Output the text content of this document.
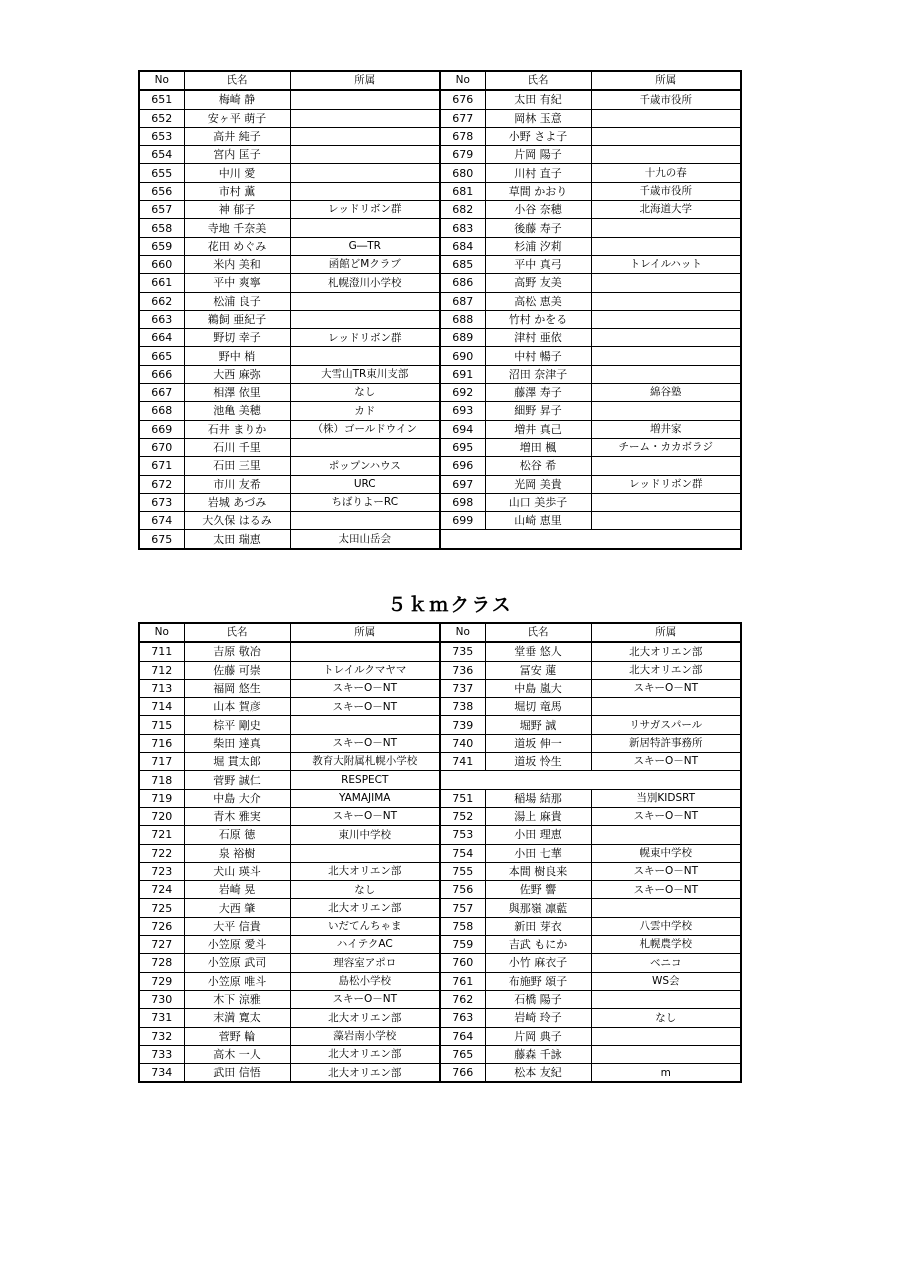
No	氏名	所属	No	氏名	所属
651	梅崎 静		676	太田 有紀	千歳市役所
652	安ヶ平 萌子		677	岡林 玉意	
653	高井 純子		678	小野 さよ子	
654	宮内 匡子		679	片岡 陽子	
655	中川 愛		680	川村 直子	十九の春
656	市村 薫		681	草間 かおり	千歳市役所
657	神 郁子	レッドリボン群	682	小谷 奈穂	北海道大学
658	寺地 千奈美		683	後藤 寿子	
659	花田 めぐみ	G―TR	684	杉浦 汐莉	
660	米内 美和	函館どMクラブ	685	平中 真弓	トレイルハット
661	平中 爽寧	札幌澄川小学校	686	高野 友美	
662	松浦 良子		687	高松 恵美	
663	鵜飼 亜紀子		688	竹村 かをる	
664	野切 幸子	レッドリボン群	689	津村 亜依	
665	野中 梢		690	中村 暢子	
666	大西 麻弥	大雪山TR東川支部	691	沼田 奈津子	
667	相澤 依里	なし	692	藤澤 寿子	綿谷塾
668	池亀 美穂	カド	693	細野 昇子	
669	石井 まりか	（株）ゴールドウイン	694	増井 真己	増井家
670	石川 千里		695	増田 楓	チーム・カカボラジ
671	石田 三里	ポップンハウス	696	松谷 希	
672	市川 友希	URC	697	光岡 美貴	レッドリボン群
673	岩城 あづみ	ちばりよーRC	698	山口 美歩子	
674	大久保 はるみ		699	山崎 恵里	
675	太田 瑞恵	太田山岳会			
５ｋｍクラス
No	氏名	所属	No	氏名	所属
711	吉原 敬冶		735	堂垂 悠人	北大オリエン部
712	佐藤 可崇	トレイルクマヤマ	736	冨安 蓮	北大オリエン部
713	福岡 悠生	スキーO－NT	737	中島 嵐大	スキーO－NT
714	山本 賀彦	スキーO－NT	738	堀切 竜馬	
715	棕平 剛史		739	堀野 誠	リサガスパール
716	柴田 達真	スキーO－NT	740	道坂 伸一	新居特許事務所
717	堀 貫太郎	教育大附属札幌小学校	741	道坂 怜生	スキーO－NT
718	菅野 誠仁	RESPECT			
719	中島 大介	YAMAJIMA	751	稲場 結那	当別KIDSRT
720	青木 雅実	スキーO－NT	752	湯上 麻貴	スキーO－NT
721	石原 徳	東川中学校	753	小田 理恵	
722	泉 裕樹		754	小田 七華	幌東中学校
723	犬山 瑛斗	北大オリエン部	755	本間 樹良来	スキーO－NT
724	岩崎 晃	なし	756	佐野 響	スキーO－NT
725	大西 肇	北大オリエン部	757	與那嶺 凛藍	
726	大平 信貴	いだてんちゃま	758	新田 芽衣	八雲中学校
727	小笠原 愛斗	ハイテクAC	759	吉武 もにか	札幌農学校
728	小笠原 武司	理容室アポロ	760	小竹 麻衣子	ベニコ
729	小笠原 唯斗	島松小学校	761	布施野 頌子	WS会
730	木下 涼雅	スキーO－NT	762	石橋 陽子	
731	末満 寛太	北大オリエン部	763	岩崎 玲子	なし
732	菅野 輪	藻岩南小学校	764	片岡 典子	
733	高木 一人	北大オリエン部	765	藤森 千詠	
734	武田 信悟	北大オリエン部	766	松本 友紀	m
